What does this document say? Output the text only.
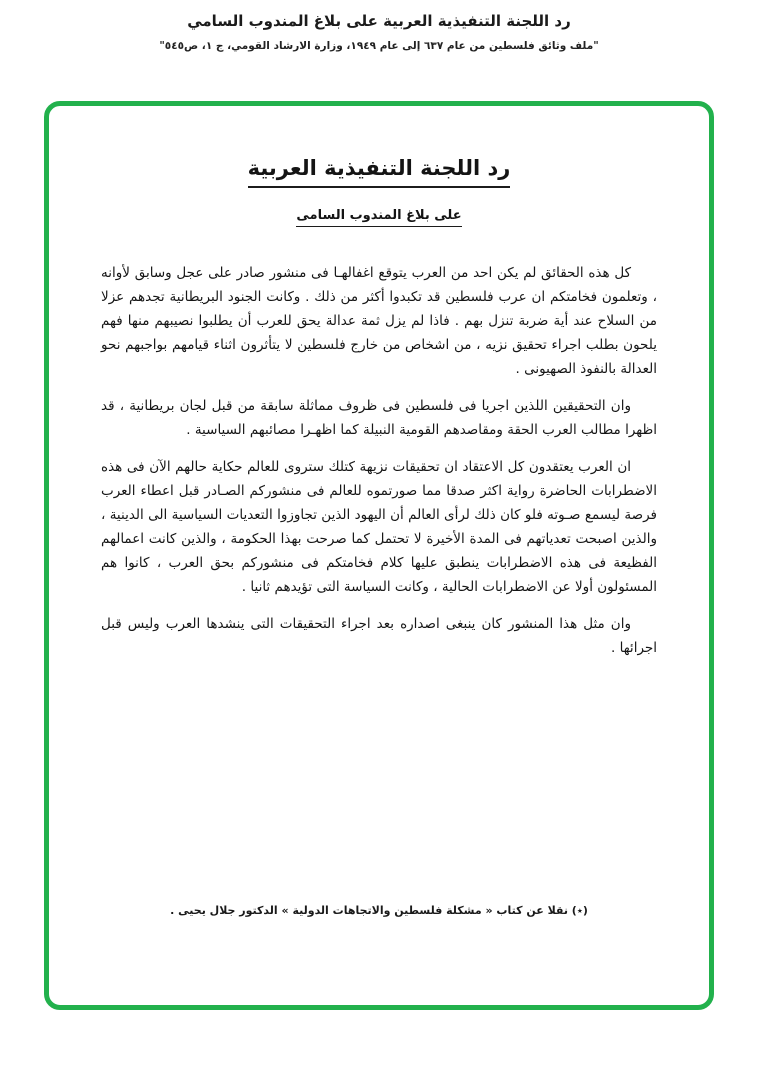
رد اللجنة التنفيذية العربية على بلاغ المندوب السامي
"ملف وثائق فلسطين من عام ٦٣٧ إلى عام ١٩٤٩، وزارة الارشاد القومي، ج ١، ص٥٤٥"
رد اللجنة التنفيذية العربية
على بلاغ المندوب السامى

كل هذه الحقائق لم يكن احد من العرب يتوقع اغفالهـا فى منشور صادر على عجل وسابق لأوانه ، وتعلمون فخامتكم ان عرب فلسطين قد تكبدوا أكثر من ذلك . وكانت الجنود البريطانية تجدهم عزلا من السلاح عند أية ضربة تنزل بهم . فاذا لم يزل ثمة عدالة يحق للعرب أن يطلبوا نصيبهم منها فهم يلحون بطلب اجراء تحقيق نزيه ، من اشخاص من خارج فلسطين لا يتأثرون اثناء قيامهم بواجبهم نحو العدالة بالنفوذ الصهيونى .

وان التحقيقين اللذين اجريا فى فلسطين فى ظروف مماثلة سابقة من قبل لجان بريطانية ، قد اظهرا مطالب العرب الحقة ومقاصدهم القومية النبيلة كما اظهـرا مصائبهم السياسية .

ان العرب يعتقدون كل الاعتقاد ان تحقيقات نزيهة كتلك ستروى للعالم حكاية حالهم الآن فى هذه الاضطرابات الحاضرة رواية اكثر صدقا مما صورتموه للعالم فى منشوركم الصـادر قبل اعطاء العرب فرصة ليسمع صـوته فلو كان ذلك لرأى العالم أن اليهود الذين تجاوزوا التعديات السياسية الى الدينية ، والذين اصبحت تعدياتهم فى المدة الأخيرة لا تحتمل كما صرحت بهذا الحكومة ، والذين كانت اعمالهم الفظيعة فى هذه الاضطرابات ينطبق عليها كلام فخامتكم فى منشوركم بحق العرب ، كانوا هم المسئولون أولا عن الاضطرابات الحالية ، وكانت السياسة التى تؤيدهم ثانيا .

وان مثل هذا المنشور كان ينبغى اصداره بعد اجراء التحقيقات التى ينشدها العرب وليس قبل اجرائها .

(٭) نقلا عن كتاب « مشكلة فلسطين والاتجاهات الدولية » الدكتور جلال يحيى .
